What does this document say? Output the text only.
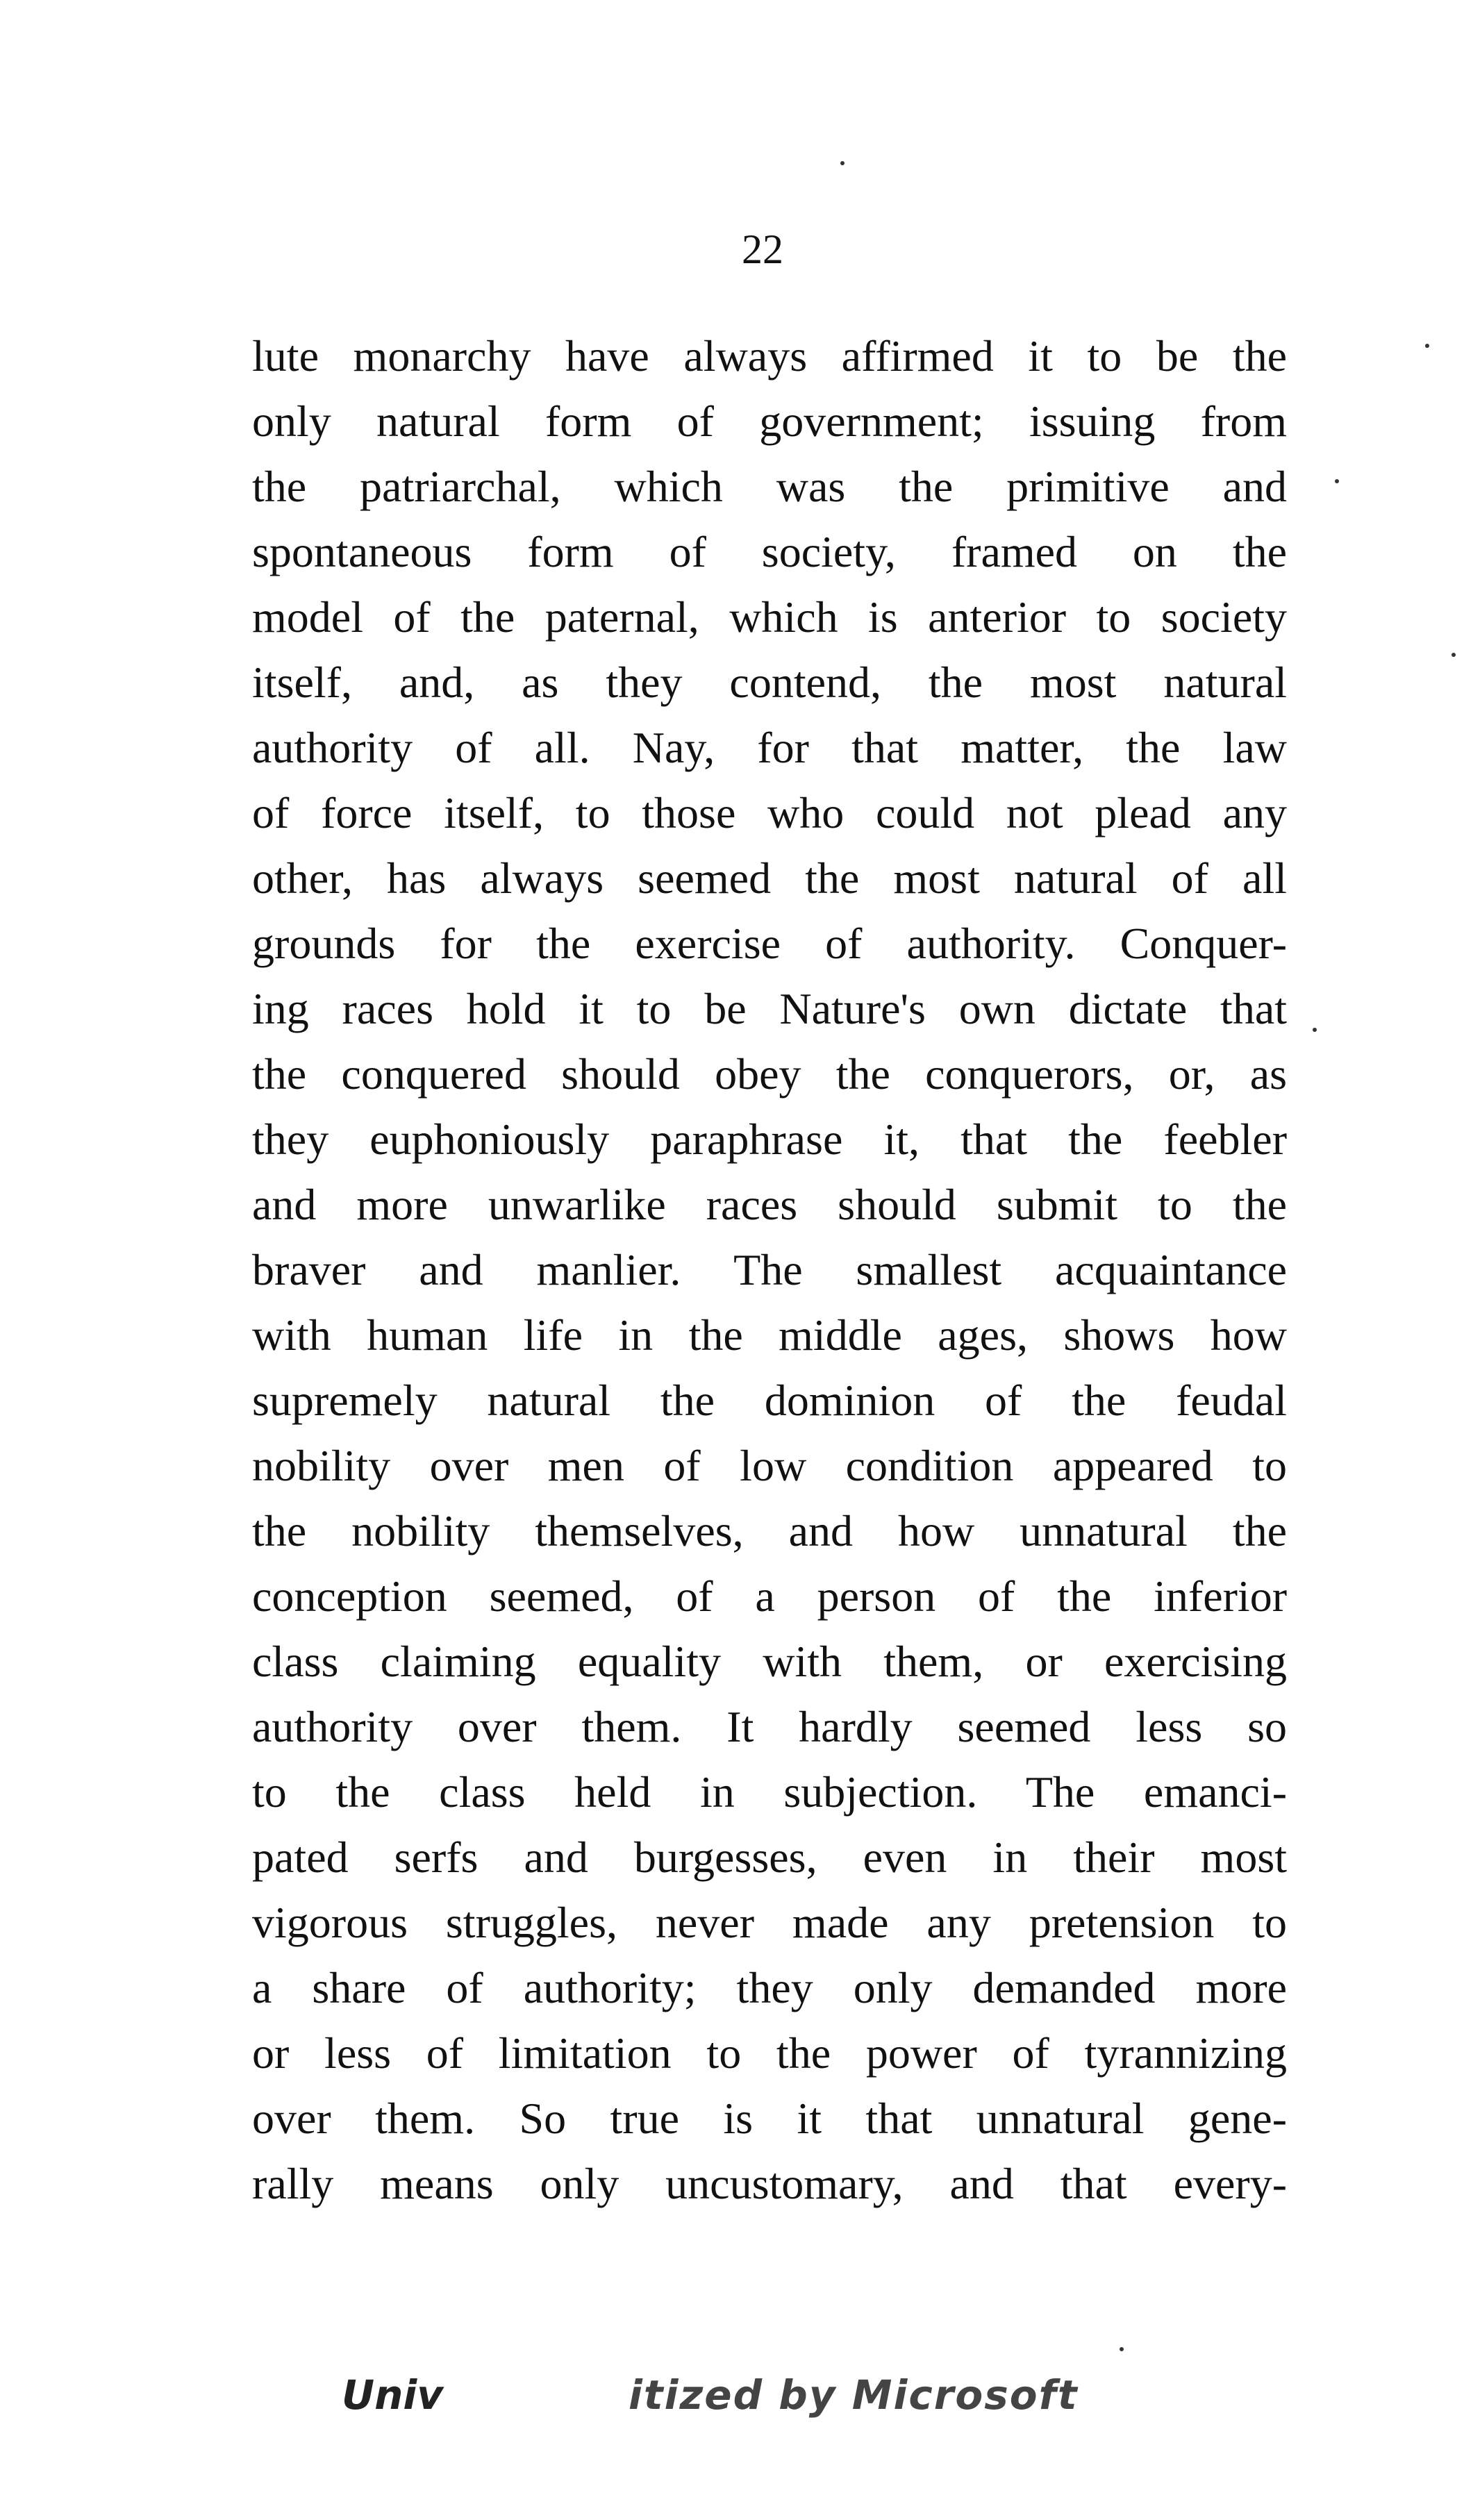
22
lute monarchy have always affirmed it to be the
only natural form of government; issuing from
the patriarchal, which was the primitive and
spontaneous form of society, framed on the
model of the paternal, which is anterior to society
itself, and, as they contend, the most natural
authority of all. Nay, for that matter, the law
of force itself, to those who could not plead any
other, has always seemed the most natural of all
grounds for the exercise of authority. Conquer-
ing races hold it to be Nature's own dictate that
the conquered should obey the conquerors, or, as
they euphoniously paraphrase it, that the feebler
and more unwarlike races should submit to the
braver and manlier. The smallest acquaintance
with human life in the middle ages, shows how
supremely natural the dominion of the feudal
nobility over men of low condition appeared to
the nobility themselves, and how unnatural the
conception seemed, of a person of the inferior
class claiming equality with them, or exercising
authority over them. It hardly seemed less so
to the class held in subjection. The emanci-
pated serfs and burgesses, even in their most
vigorous struggles, never made any pretension to
a share of authority; they only demanded more
or less of limitation to the power of tyrannizing
over them. So true is it that unnatural gene-
rally means only uncustomary, and that every-
Univ	itized by Microsoft
